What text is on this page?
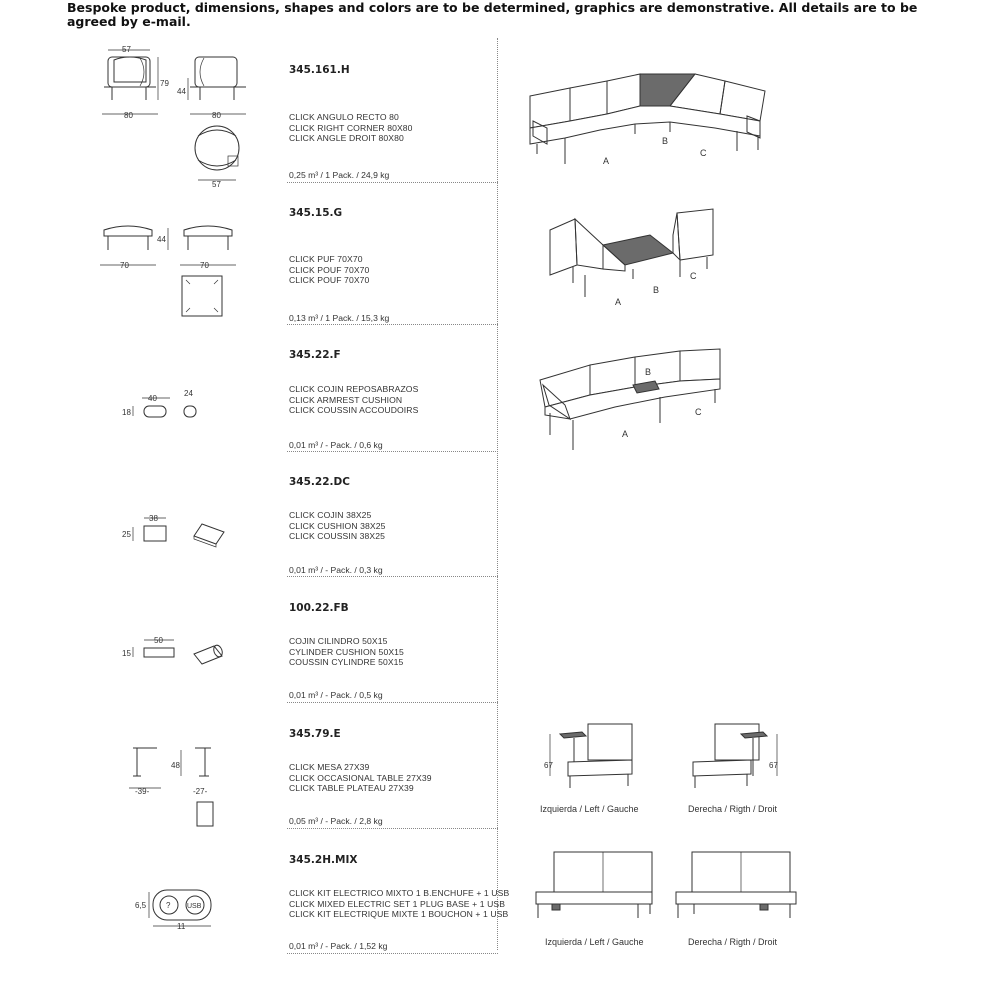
Bespoke product, dimensions, shapes and colors are to be determined, graphics are demonstrative. All details are to be agreed by e-mail.
345.161.H
CLICK ANGULO RECTO 80
CLICK RIGHT CORNER 80X80
CLICK ANGLE DROIT 80X80
0,25 m³ / 1 Pack. / 24,9 kg
57
79
80
44
80
57
A
B
C
345.15.G
CLICK PUF 70X70
CLICK POUF 70X70
CLICK POUF 70X70
0,13 m³ / 1 Pack. / 15,3 kg
70
44
70
A
B
C
345.22.F
CLICK COJIN REPOSABRAZOS
CLICK ARMREST CUSHION
CLICK COUSSIN ACCOUDOIRS
0,01 m³ / - Pack. / 0,6 kg
40
24
18
B
A
C
345.22.DC
CLICK COJIN 38X25
CLICK CUSHION 38X25
CLICK COUSSIN 38X25
0,01 m³ / - Pack. / 0,3 kg
38
25
100.22.FB
COJIN CILINDRO 50X15
CYLINDER CUSHION 50X15
COUSSIN CYLINDRE 50X15
0,01 m³ / - Pack. / 0,5 kg
50
15
345.79.E
CLICK MESA 27X39
CLICK OCCASIONAL TABLE 27X39
CLICK TABLE PLATEAU 27X39
0,05 m³ / - Pack. / 2,8 kg
-39-
48
-27-
67
Izquierda / Left / Gauche
67
Derecha / Rigth / Droit
345.2H.MIX
CLICK KIT ELECTRICO MIXTO 1 B.ENCHUFE + 1 USB
CLICK MIXED ELECTRIC SET 1 PLUG BASE + 1 USB
CLICK KIT ELECTRIQUE MIXTE 1 BOUCHON + 1 USB
0,01 m³ / - Pack. / 1,52 kg
6,5 ? USB
11
Izquierda / Left / Gauche	Derecha / Rigth / Droit
